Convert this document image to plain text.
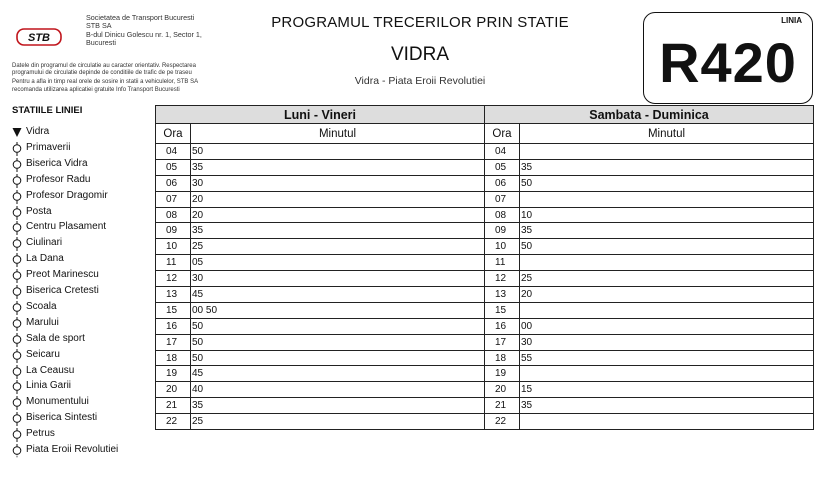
STB
Societatea de Transport Bucuresti
STB SA
B-dul Dinicu Golescu nr. 1, Sector 1,
Bucuresti
Datele din programul de circulatie au caracter orientativ. Respectarea
programului de circulatie depinde de conditiile de trafic de pe traseu
Pentru a afla in timp real orele de sosire in statii a vehiculelor, STB SA
recomanda utilizarea aplicatiei gratuite Info Transport Bucuresti
PROGRAMUL TRECERILOR PRIN STATIE
VIDRA
Vidra - Piata Eroii Revolutiei
LINIA
R420
STATIILE LINIEI
Vidra
Primaverii
Biserica Vidra
Profesor Radu
Profesor Dragomir
Posta
Centru Plasament
Ciulinari
La Dana
Preot Marinescu
Biserica Cretesti
Scoala
Marului
Sala de sport
Seicaru
La Ceausu
Linia Garii
Monumentului
Biserica Sintesti
Petrus
Piata Eroii Revolutiei
Luni - Vineri		Sambata - Duminica	
Ora	Minutul	Ora	Minutul
04	50	04	
05	35	05	35
06	30	06	50
07	20	07	
08	20	08	10
09	35	09	35
10	25	10	50
11	05	11	
12	30	12	25
13	45	13	20
15	00 50	15	
16	50	16	00
17	50	17	30
18	50	18	55
19	45	19	
20	40	20	15
21	35	21	35
22	25	22	
